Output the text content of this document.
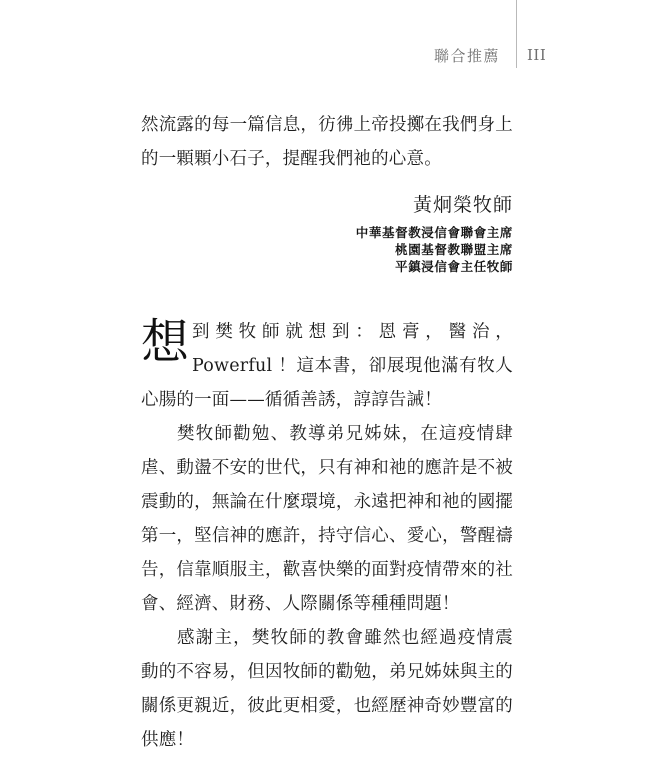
聯合推薦 III

然流露的每一篇信息，彷彿上帝投擲在我們身上的一顆顆小石子，提醒我們祂的心意。

黃炯榮牧師
中華基督教浸信會聯會主席
桃園基督教聯盟主席
平鎮浸信會主任牧師
想 到樊牧師就想到：恩膏，醫治，Powerful ！這本書，卻展現他滿有牧人心腸的一面——循循善誘，諄諄告誡！

樊牧師勸勉、教導弟兄姊妹，在這疫情肆虐、動盪不安的世代，只有神和祂的應許是不被震動的，無論在什麼環境，永遠把神和祂的國擺第一，堅信神的應許，持守信心、愛心，警醒禱告，信靠順服主，歡喜快樂的面對疫情帶來的社會、經濟、財務、人際關係等種種問題！

感謝主，樊牧師的教會雖然也經過疫情震動的不容易，但因牧師的勸勉，弟兄姊妹與主的關係更親近，彼此更相愛，也經歷神奇妙豐富的供應！
